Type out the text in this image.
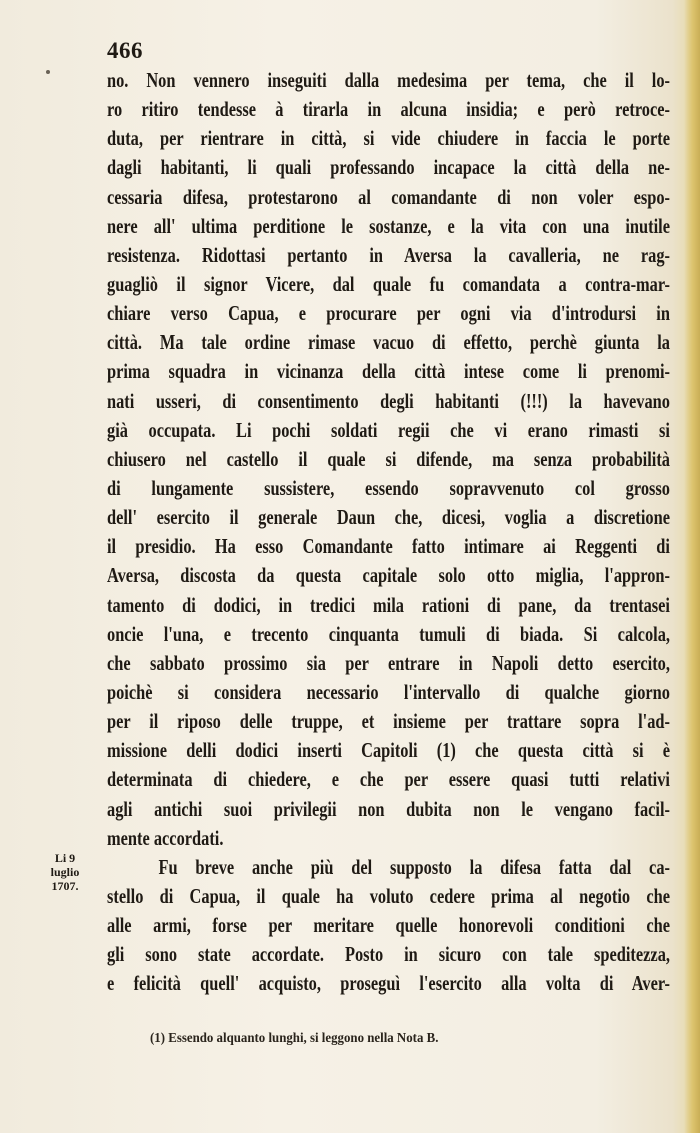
466
no. Non vennero inseguiti dalla medesima per tema, che il lo-
ro ritiro tendesse à tirarla in alcuna insidia; e però retroce-
duta, per rientrare in città, si vide chiudere in faccia le porte
dagli habitanti, li quali professando incapace la città della ne-
cessaria difesa, protestarono al comandante di non voler espo-
nere all' ultima perditione le sostanze, e la vita con una inutile
resistenza. Ridottasi pertanto in Aversa la cavalleria, ne rag-
guagliò il signor Vicere, dal quale fu comandata a contra-mar-
chiare verso Capua, e procurare per ogni via d'introdursi in
città. Ma tale ordine rimase vacuo di effetto, perchè giunta la
prima squadra in vicinanza della città intese come li prenomi-
nati usseri, di consentimento degli habitanti (!!!) la havevano
già occupata. Li pochi soldati regii che vi erano rimasti si
chiusero nel castello il quale si difende, ma senza probabilità
di lungamente sussistere, essendo sopravvenuto col grosso
dell' esercito il generale Daun che, dicesi, voglia a discretione
il presidio. Ha esso Comandante fatto intimare ai Reggenti di
Aversa, discosta da questa capitale solo otto miglia, l'appron-
tamento di dodici, in tredici mila rationi di pane, da trentasei
oncie l'una, e trecento cinquanta tumuli di biada. Si calcola,
che sabbato prossimo sia per entrare in Napoli detto esercito,
poichè si considera necessario l'intervallo di qualche giorno
per il riposo delle truppe, et insieme per trattare sopra l'ad-
missione delli dodici inserti Capitoli (1) che questa città si è
determinata di chiedere, e che per essere quasi tutti relativi
agli antichi suoi privilegii non dubita non le vengano facil-
mente accordati.
Fu breve anche più del supposto la difesa fatta dal ca-
stello di Capua, il quale ha voluto cedere prima al negotio che
alle armi, forse per meritare quelle honorevoli conditioni che
gli sono state accordate. Posto in sicuro con tale speditezza,
e felicità quell' acquisto, proseguì l'esercito alla volta di Aver-
Li 9
luglio
1707.
(1) Essendo alquanto lunghi, si leggono nella Nota B.
